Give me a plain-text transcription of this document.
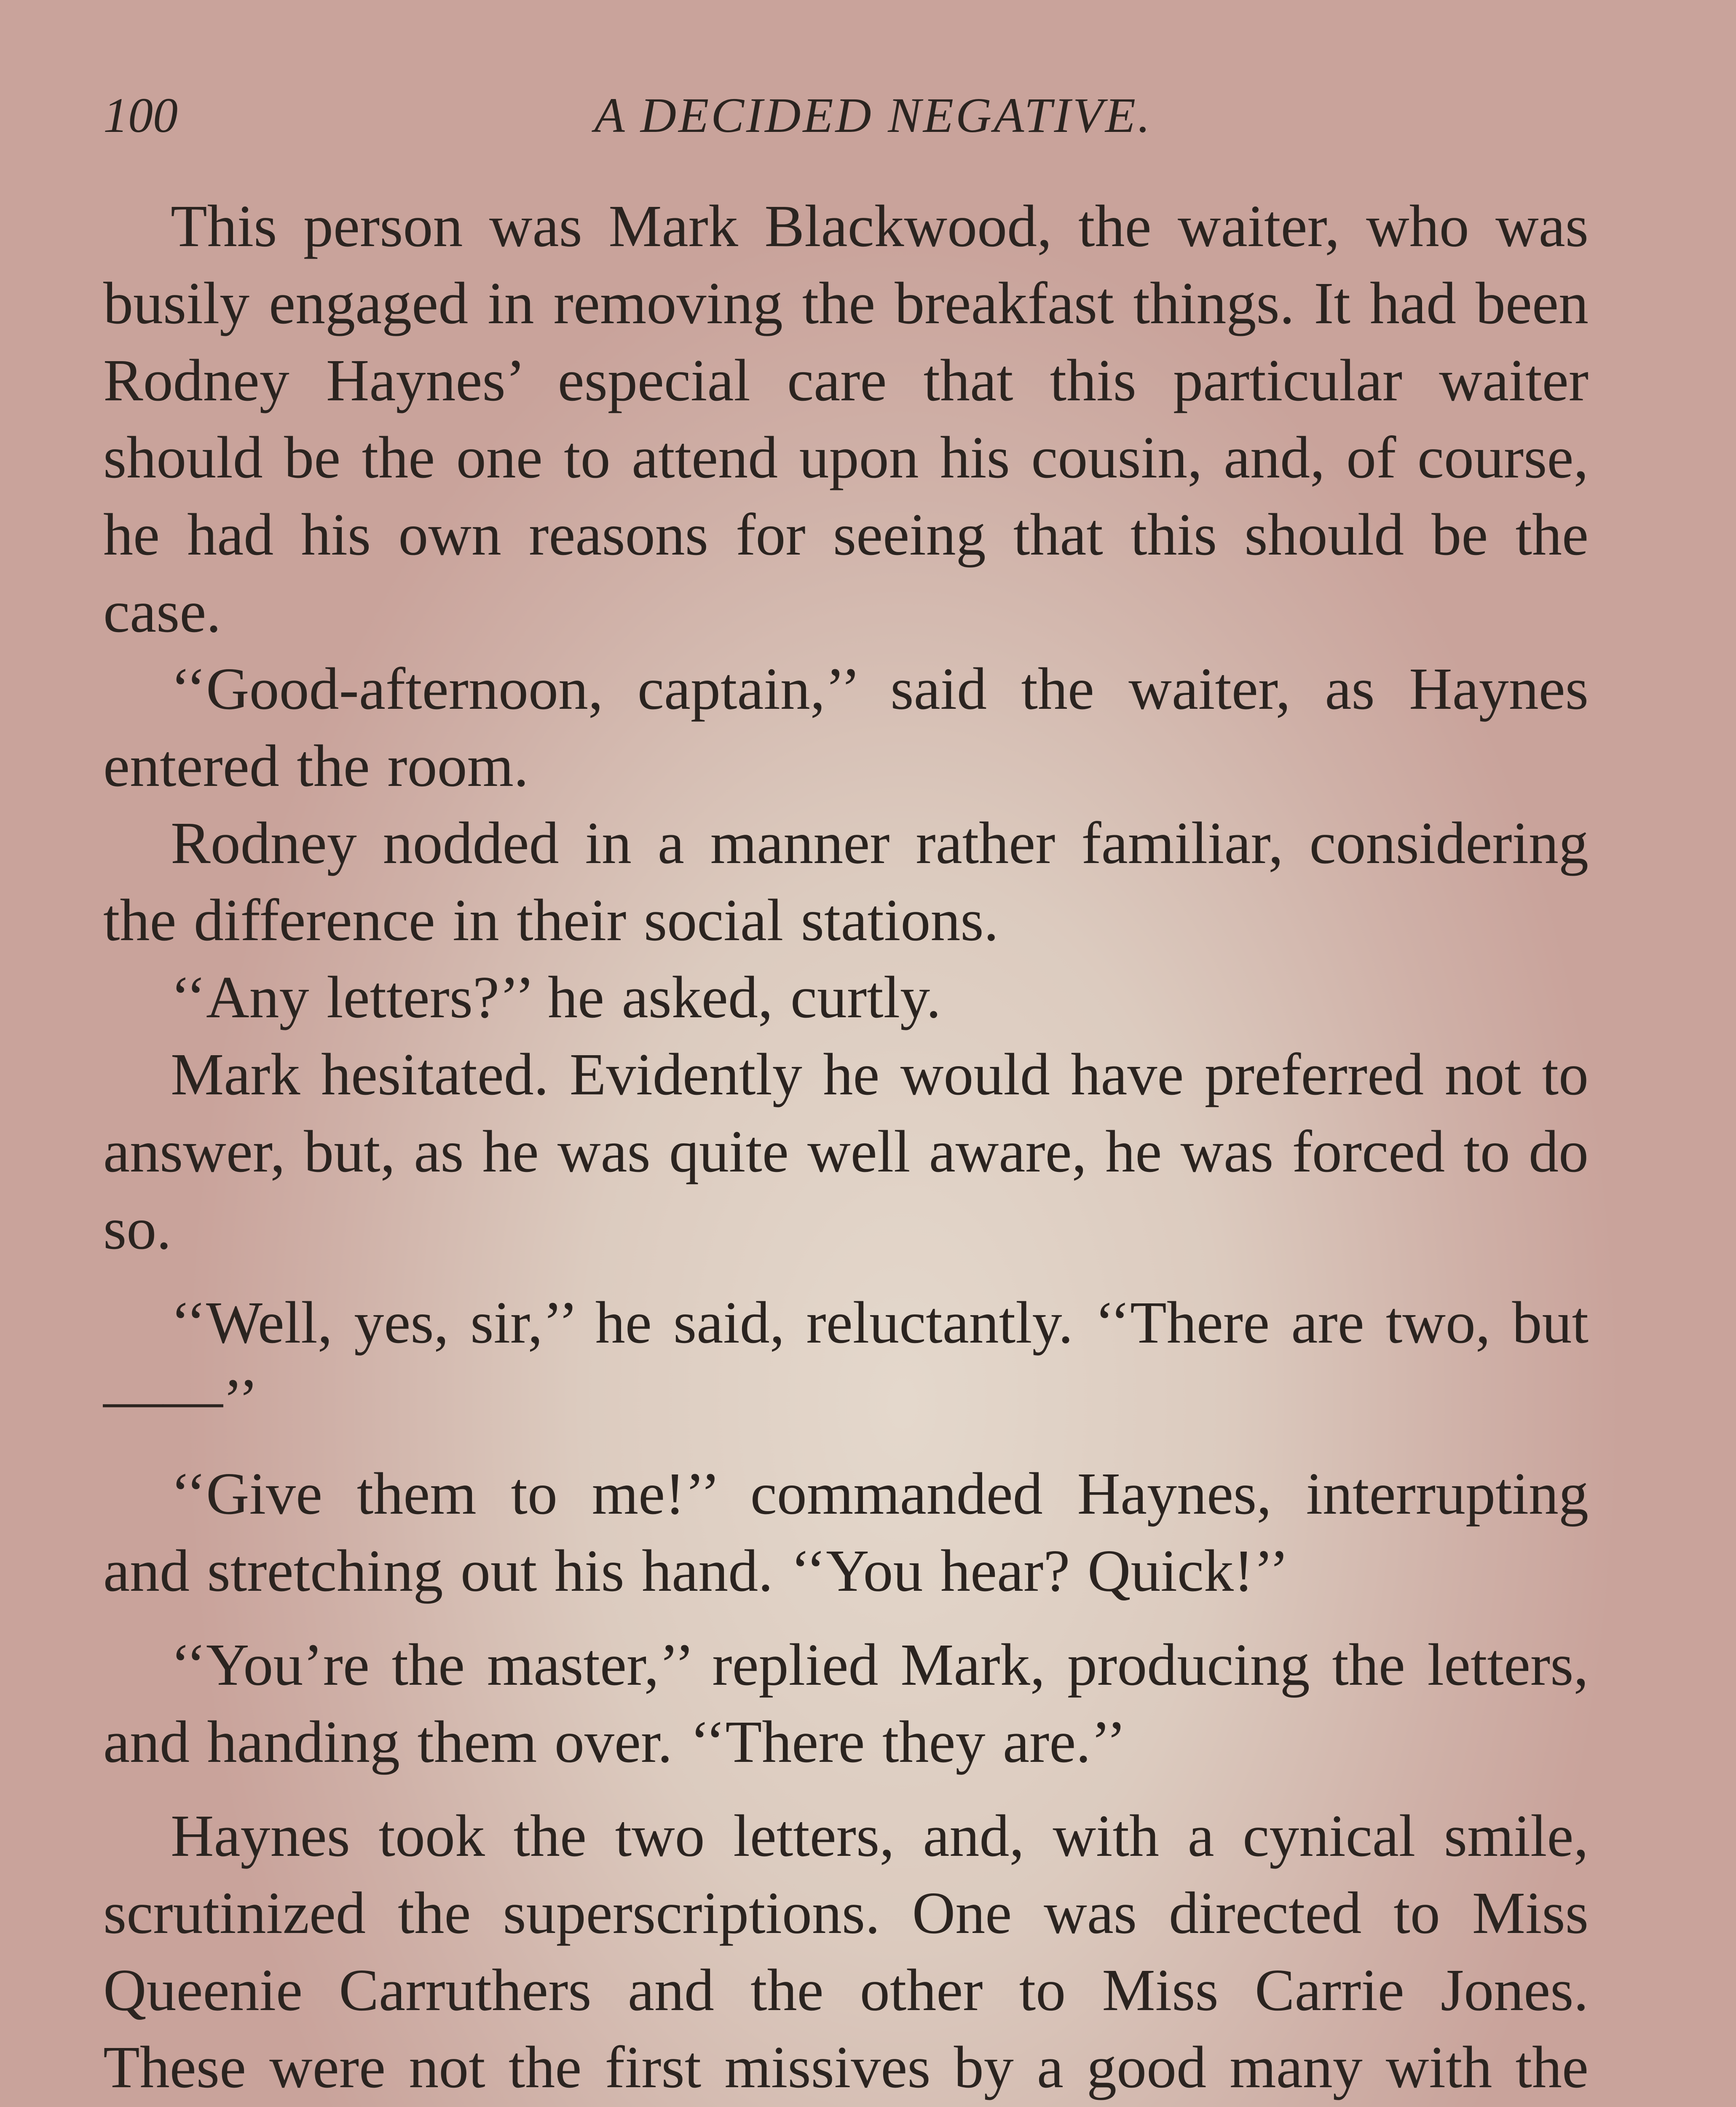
100	A DECIDED NEGATIVE.

This person was Mark Blackwood, the waiter, who was busily engaged in removing the breakfast things. It had been Rodney Haynes’ especial care that this particular waiter should be the one to attend upon his cousin, and, of course, he had his own reasons for seeing that this should be the case.

‘‘Good-afternoon, captain,’’ said the waiter, as Haynes entered the room.

Rodney nodded in a manner rather familiar, considering the difference in their social stations.

‘‘Any letters?’’ he asked, curtly.

Mark hesitated. Evidently he would have preferred not to answer, but, as he was quite well aware, he was forced to do so.

‘‘Well, yes, sir,’’ he said, reluctantly. ‘‘There are two, but——’’

‘‘Give them to me!’’ commanded Haynes, interrupting and stretching out his hand. ‘‘You hear? Quick!’’

‘‘You’re the master,’’ replied Mark, producing the letters, and handing them over. ‘‘There they are.’’

Haynes took the two letters, and, with a cynical smile, scrutinized the superscriptions. One was directed to Miss Queenie Carruthers and the other to Miss Carrie Jones. These were not the first missives by a good many with the
